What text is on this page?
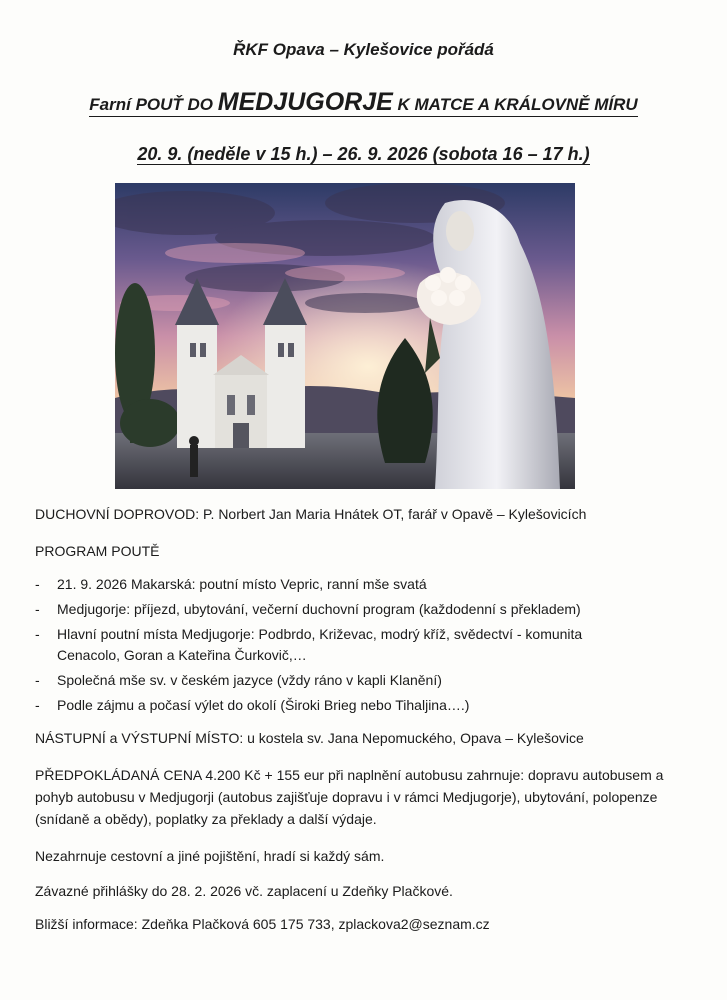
ŘKF Opava – Kylešovice pořádá
Farní POUŤ DO MEDJUGORJE K MATCE A KRÁLOVNĚ MÍRU
20. 9. (neděle v 15 h.) – 26. 9. 2026 (sobota 16 – 17 h.)
DUCHOVNÍ DOPROVOD: P. Norbert Jan Maria Hnátek OT, farář v Opavě – Kylešovicích
PROGRAM POUTĚ
- 21. 9. 2026 Makarská: poutní místo Vepric, ranní mše svatá
- Medjugorje: příjezd, ubytování, večerní duchovní program (každodenní s překladem)
- Hlavní poutní místa Medjugorje: Podbrdo, Križevac, modrý kříž, svědectví - komunita
Cenacolo, Goran a Kateřina Čurkovič,…
- Společná mše sv. v českém jazyce (vždy ráno v kapli Klanění)
- Podle zájmu a počasí výlet do okolí (Široki Brieg nebo Tihaljina….)
NÁSTUPNÍ a VÝSTUPNÍ MÍSTO: u kostela sv. Jana Nepomuckého, Opava – Kylešovice
PŘEDPOKLÁDANÁ CENA 4.200 Kč + 155 eur při naplnění autobusu zahrnuje: dopravu autobusem a pohyb autobusu v Medjugorji (autobus zajišťuje dopravu i v rámci Medjugorje), ubytování, polopenze (snídaně a obědy), poplatky za překlady a další výdaje.
Nezahrnuje cestovní a jiné pojištění, hradí si každý sám.
Závazné přihlášky do 28. 2. 2026 vč. zaplacení u Zdeňky Plačkové.
Bližší informace: Zdeňka Plačková 605 175 733, zplackova2@seznam.cz
